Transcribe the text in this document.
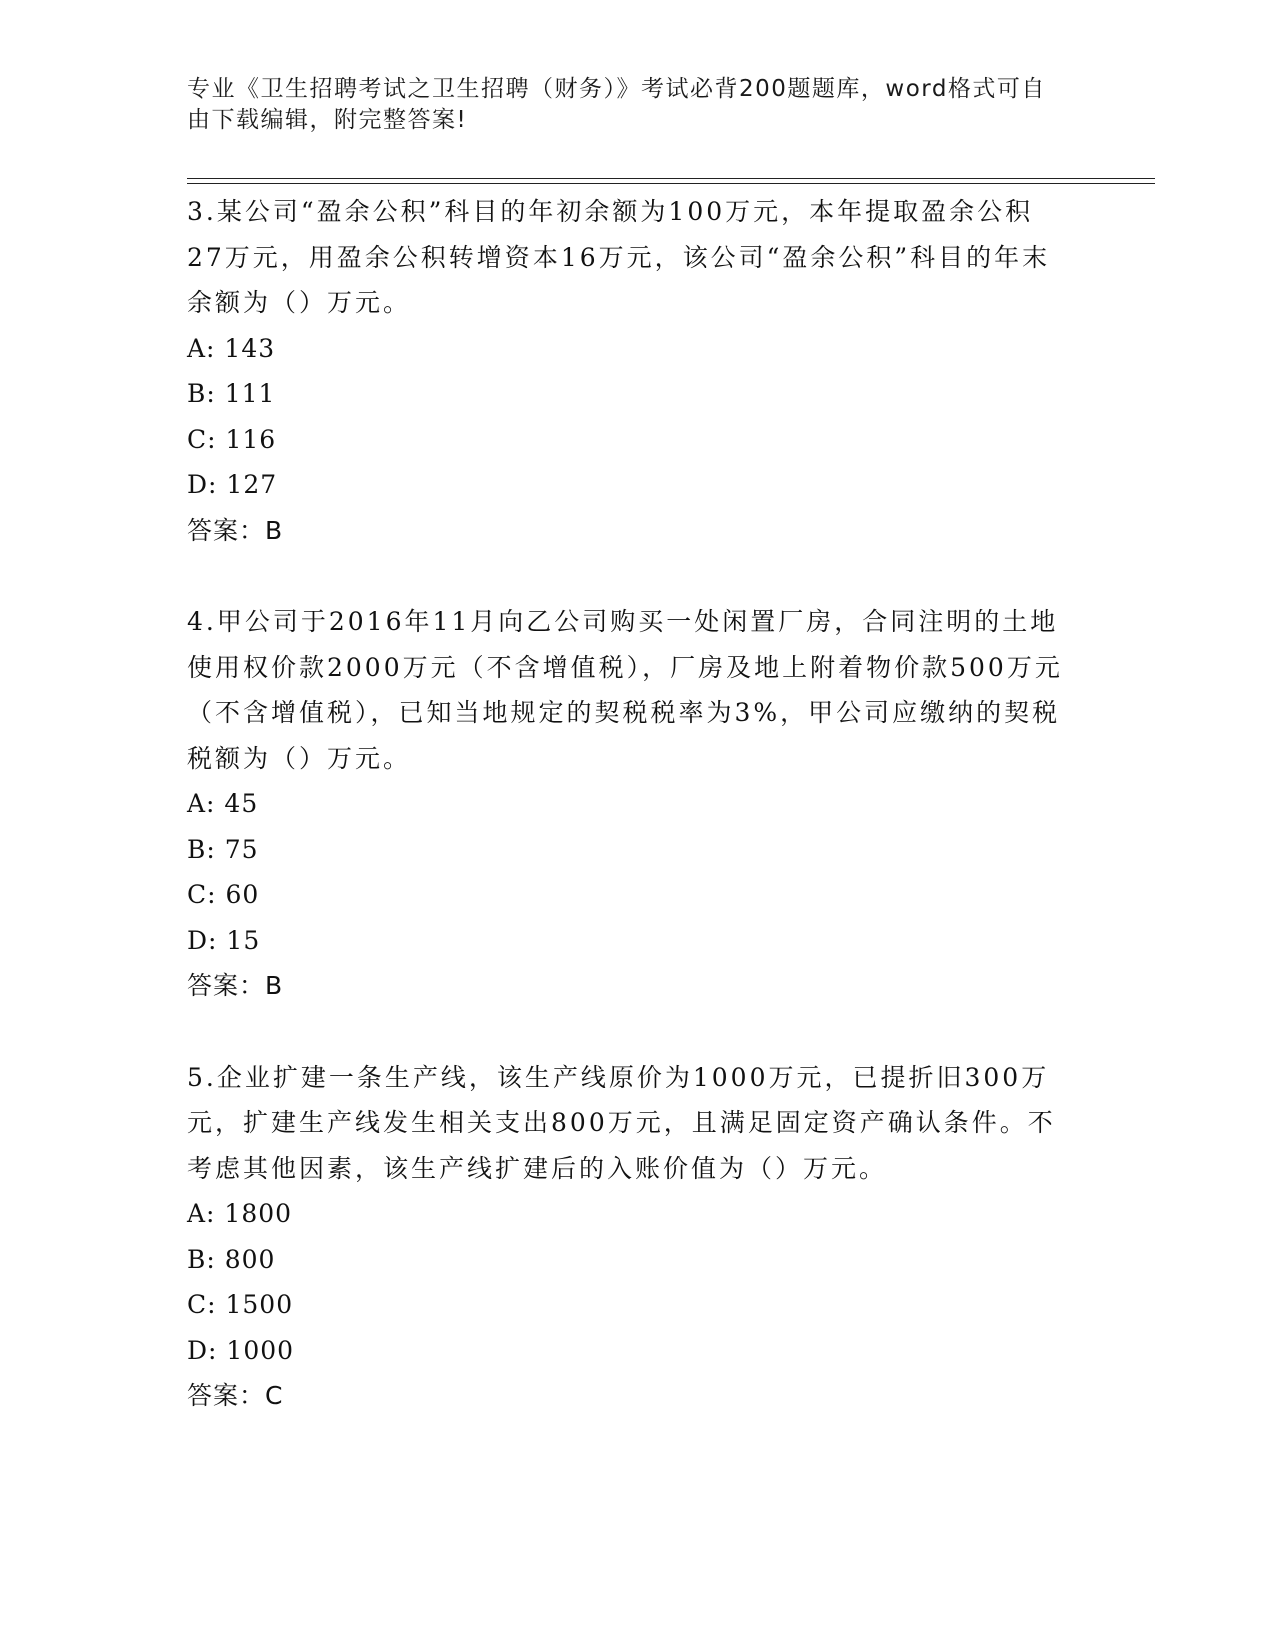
专业《卫生招聘考试之卫生招聘（财务）》考试必背200题题库，word格式可自由下载编辑，附完整答案!

3.某公司“盈余公积”科目的年初余额为100万元，本年提取盈余公积27万元，用盈余公积转增资本16万元，该公司“盈余公积”科目的年末余额为（）万元。

A: 143

B: 111

C: 116

D: 127

答案：B

4.甲公司于2016年11月向乙公司购买一处闲置厂房，合同注明的土地使用权价款2000万元（不含增值税），厂房及地上附着物价款500万元（不含增值税），已知当地规定的契税税率为3%，甲公司应缴纳的契税税额为（）万元。

A: 45

B: 75

C: 60

D: 15

答案：B

5.企业扩建一条生产线，该生产线原价为1000万元，已提折旧300万元，扩建生产线发生相关支出800万元，且满足固定资产确认条件。不考虑其他因素，该生产线扩建后的入账价值为（）万元。

A: 1800

B: 800

C: 1500

D: 1000

答案：C
